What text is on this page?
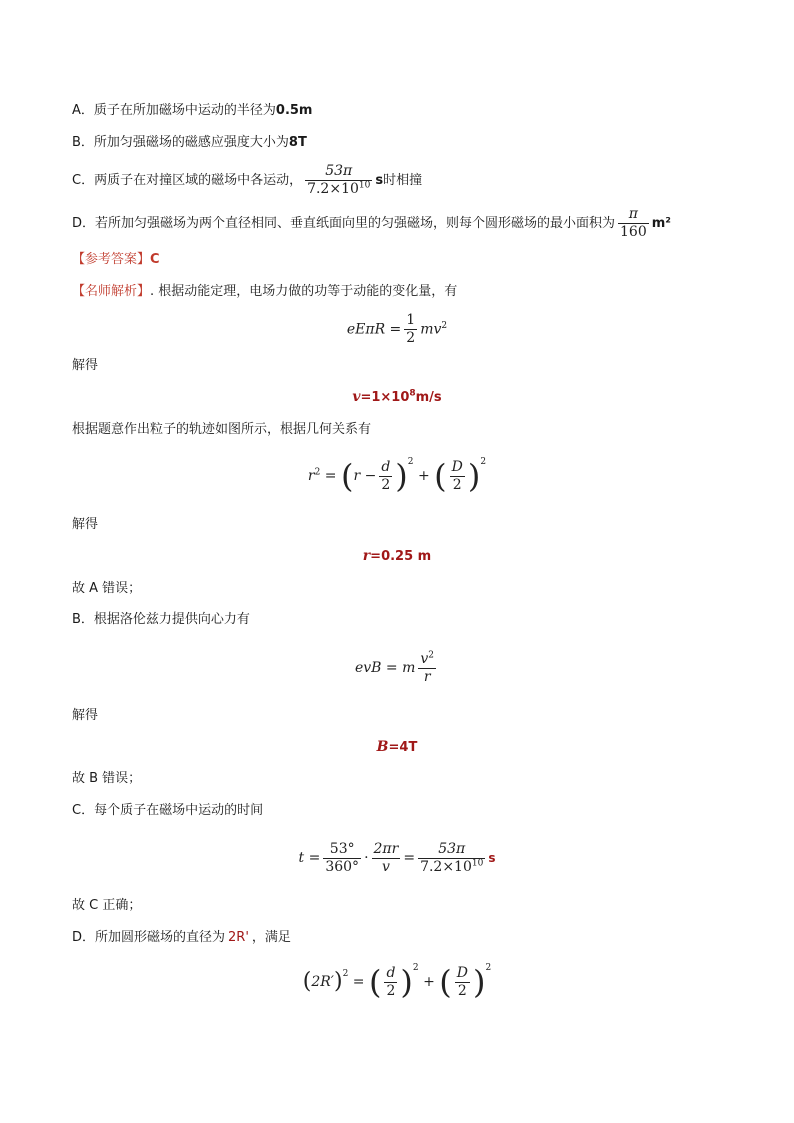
A．质子在所加磁场中运动的半径为0.5m
B．所加匀强磁场的磁感应强度大小为8T
C．两质子在对撞区域的磁场中各运动， $\frac{53\pi}{7.2\times 10^{10}}$ s时相撞
D．若所加匀强磁场为两个直径相同、垂直纸面向里的匀强磁场，则每个圆形磁场的最小面积为 $\frac{\pi}{160} m^2$
【参考答案】C
【名师解析】. 根据动能定理，电场力做的功等于动能的变化量，有
$eE\pi R = \frac{1}{2} mv^2$
解得
$v=1\times 10^8m/s$
根据题意作出粒子的轨迹如图所示，根据几何关系有
$r^2 = (r - \frac{d}{2} )^2$ + ( $\frac{D}{2} )^2$
解得
r=0.25 m
故 A 错误；
B．根据洛伦兹力提供向心力有
evB = m $\frac{v^2}{r}$
解得
B=4T
故 B 错误；
C．每个质子在磁场中运动的时间
$t = \frac{53^\circ}{360^\circ} \cdot \frac{2\pi r}{v} = \frac{53\pi}{7.2\times 10^{10}}$ s
故 C 正确；
D．所加圆形磁场的直径为 2R' ，满足
$(2R')^2$ = ( $\frac{d}{2} )^2$ + ( $\frac{D}{2} )^2$
